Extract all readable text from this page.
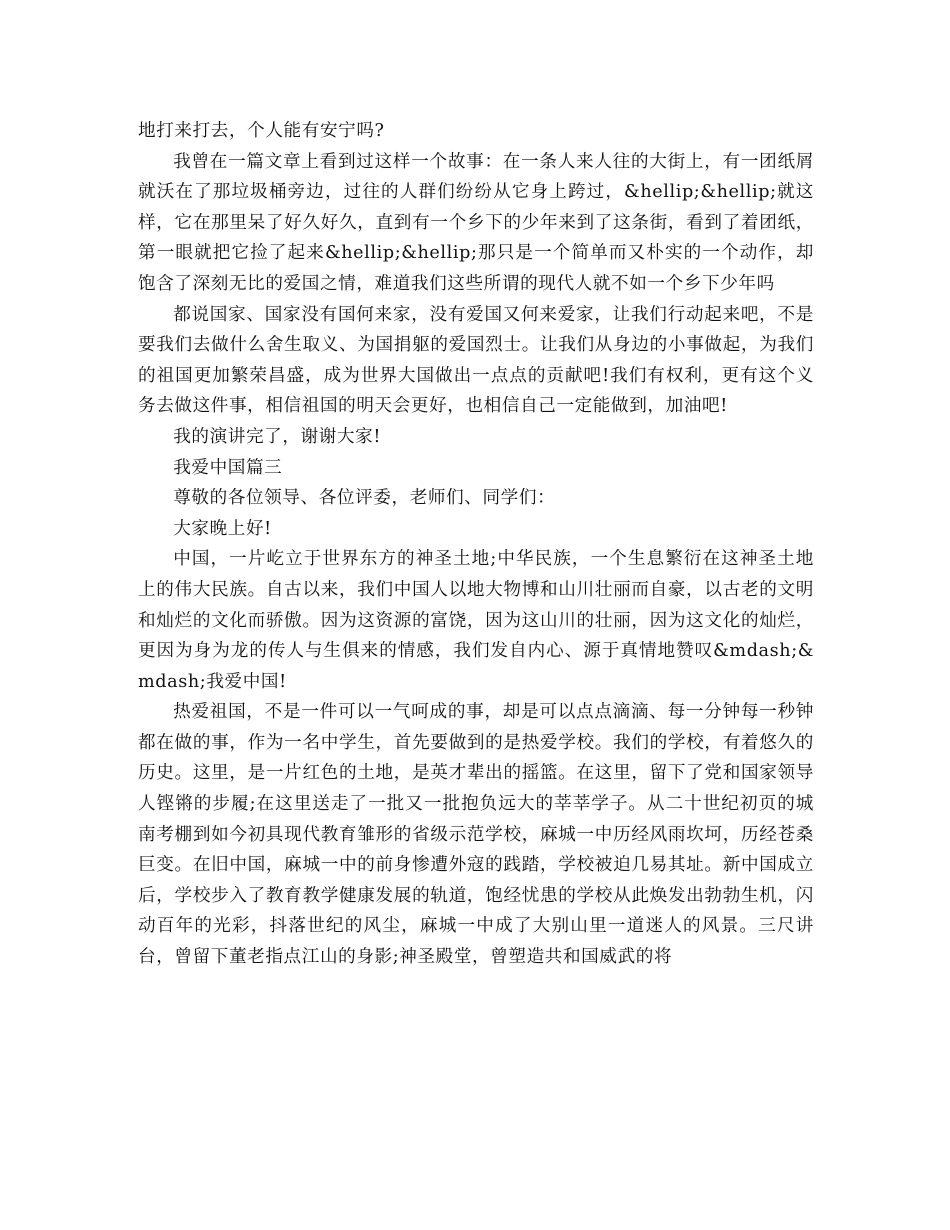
地打来打去，个人能有安宁吗?

我曾在一篇文章上看到过这样一个故事：在一条人来人往的大街上，有一团纸屑就沃在了那垃圾桶旁边，过往的人群们纷纷从它身上跨过，&hellip;&hellip;就这样，它在那里呆了好久好久，直到有一个乡下的少年来到了这条街，看到了着团纸，第一眼就把它捡了起来&hellip;&hellip;那只是一个简单而又朴实的一个动作，却饱含了深刻无比的爱国之情，难道我们这些所谓的现代人就不如一个乡下少年吗

都说国家、国家没有国何来家，没有爱国又何来爱家，让我们行动起来吧，不是要我们去做什么舍生取义、为国捐躯的爱国烈士。让我们从身边的小事做起，为我们的祖国更加繁荣昌盛，成为世界大国做出一点点的贡献吧!我们有权利，更有这个义务去做这件事，相信祖国的明天会更好，也相信自己一定能做到，加油吧!

我的演讲完了，谢谢大家!

我爱中国篇三

尊敬的各位领导、各位评委，老师们、同学们：

大家晚上好!

中国，一片屹立于世界东方的神圣土地;中华民族，一个生息繁衍在这神圣土地上的伟大民族。自古以来，我们中国人以地大物博和山川壮丽而自豪，以古老的文明和灿烂的文化而骄傲。因为这资源的富饶，因为这山川的壮丽，因为这文化的灿烂，更因为身为龙的传人与生俱来的情感，我们发自内心、源于真情地赞叹&mdash;&mdash;我爱中国!

热爱祖国，不是一件可以一气呵成的事，却是可以点点滴滴、每一分钟每一秒钟都在做的事，作为一名中学生，首先要做到的是热爱学校。我们的学校，有着悠久的历史。这里，是一片红色的土地，是英才辈出的摇篮。在这里，留下了党和国家领导人铿锵的步履;在这里送走了一批又一批抱负远大的莘莘学子。从二十世纪初页的城南考棚到如今初具现代教育雏形的省级示范学校，麻城一中历经风雨坎坷，历经苍桑巨变。在旧中国，麻城一中的前身惨遭外寇的践踏，学校被迫几易其址。新中国成立后，学校步入了教育教学健康发展的轨道，饱经忧患的学校从此焕发出勃勃生机，闪动百年的光彩，抖落世纪的风尘，麻城一中成了大别山里一道迷人的风景。三尺讲台，曾留下董老指点江山的身影;神圣殿堂，曾塑造共和国威武的将
